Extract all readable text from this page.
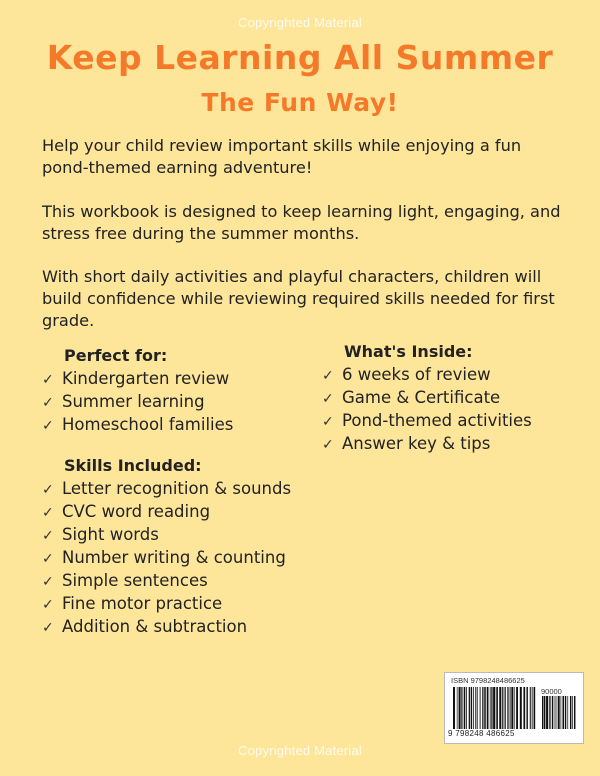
Copyrighted Material
Keep Learning All Summer
The Fun Way!

Help your child review important skills while enjoying a fun pond-themed earning adventure!

This workbook is designed to keep learning light, engaging, and stress free during the summer months.

With short daily activities and playful characters, children will build confidence while reviewing required skills needed for first grade.

Perfect for:
✓ Kindergarten review
✓ Summer learning
✓ Homeschool families
What's Inside:
✓ 6 weeks of review
✓ Game & Certificate
✓ Pond-themed activities
✓ Answer key & tips
Skills Included:
✓ Letter recognition & sounds
✓ CVC word reading
✓ Sight words
✓ Number writing & counting
✓ Simple sentences
✓ Fine motor practice
✓ Addition & subtraction
ISBN 9798248486625
90000
9 798248 486625
Copyrighted Material
